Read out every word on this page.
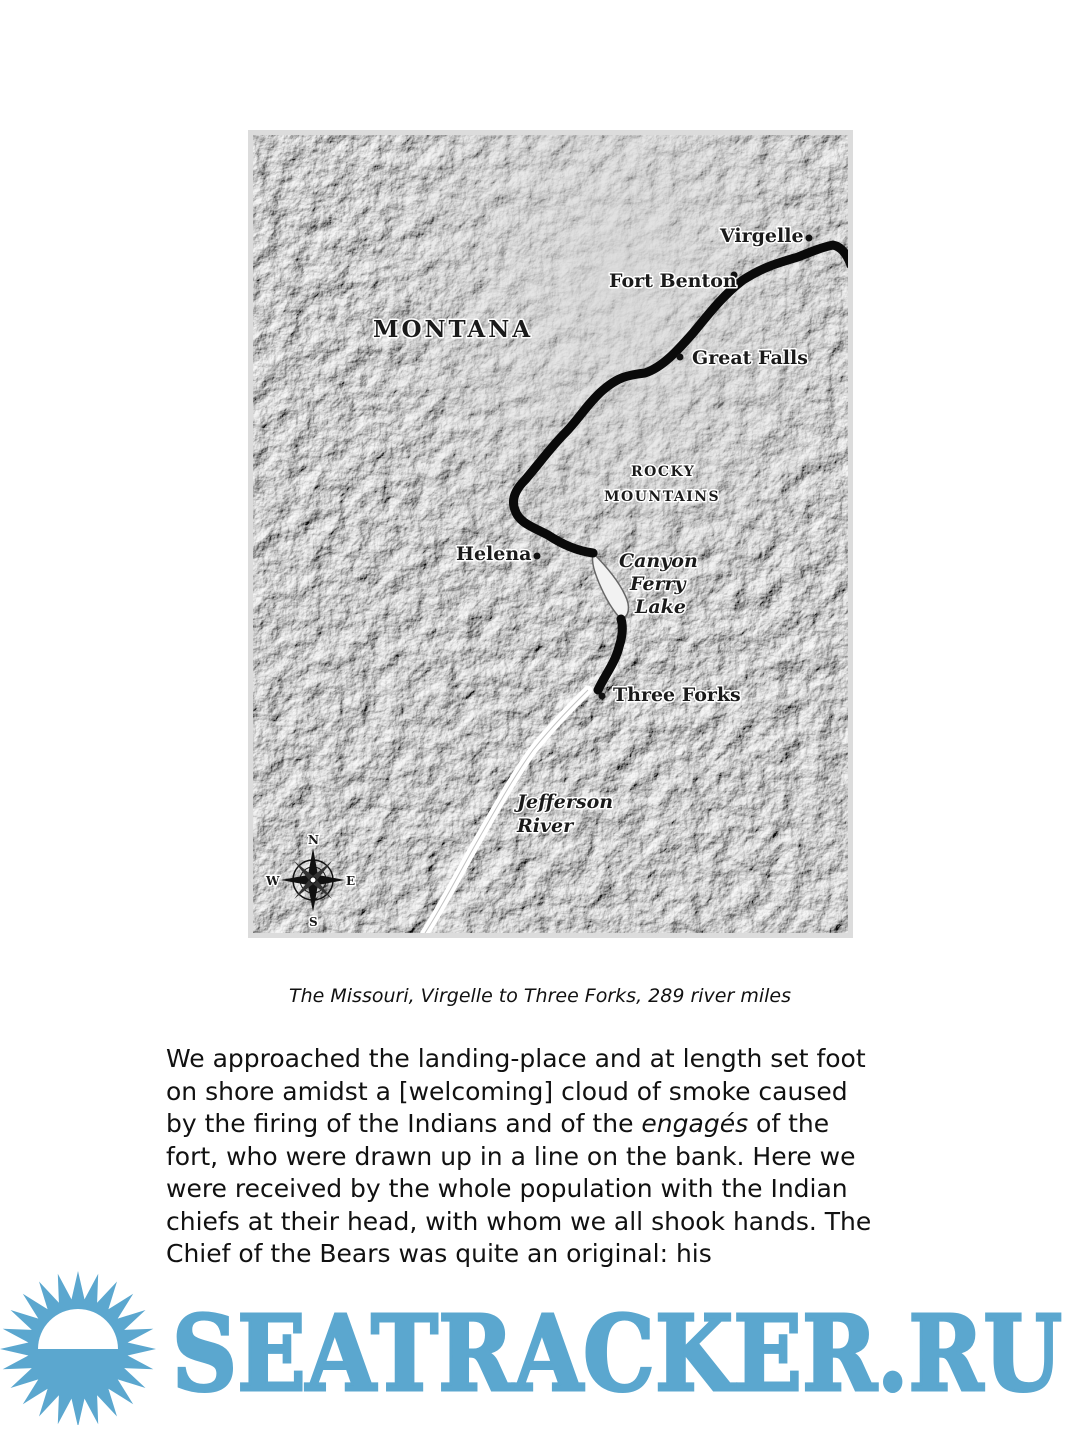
MONTANA
Virgelle
Fort Benton
Great Falls
ROCKY
MOUNTAINS
Helena	Canyon
Ferry
Lake
Three Forks
Jefferson
River
N
S
E
W
The Missouri, Virgelle to Three Forks, 289 river miles
We approached the landing-place and at length set foot
on shore amidst a [welcoming] cloud of smoke caused
by the firing of the Indians and of the engagés of the
fort, who were drawn up in a line on the bank. Here we
were received by the whole population with the Indian
chiefs at their head, with whom we all shook hands. The
Chief of the Bears was quite an original: his
SEATRACKER.RU
